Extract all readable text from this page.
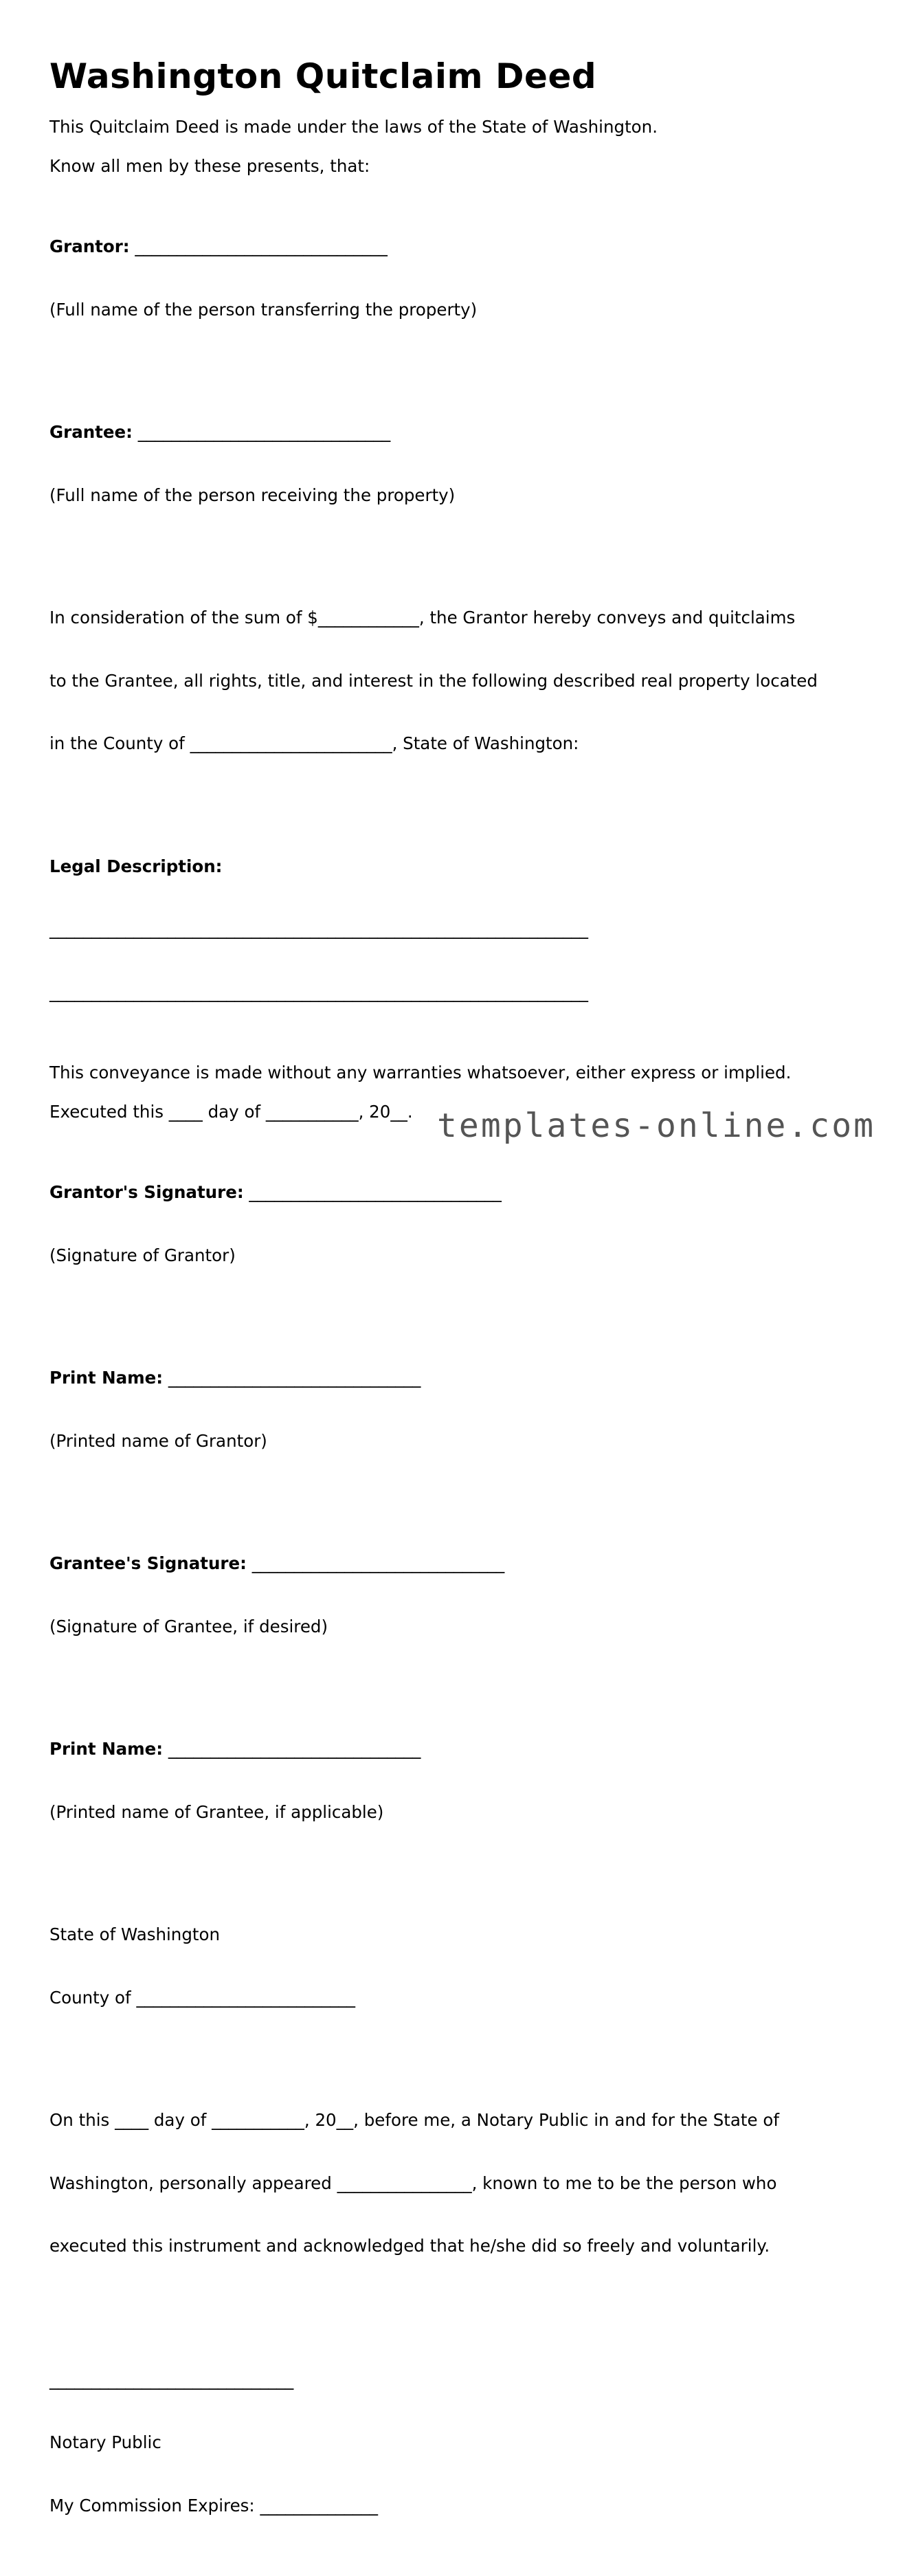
Washington Quitclaim Deed

This Quitclaim Deed is made under the laws of the State of Washington.

Know all men by these presents, that:

Grantor: ______________________________

(Full name of the person transferring the property)

Grantee: ______________________________

(Full name of the person receiving the property)

In consideration of the sum of $____________, the Grantor hereby conveys and quitclaims

to the Grantee, all rights, title, and interest in the following described real property located

in the County of ________________________, State of Washington:

Legal Description:

________________________________________________________________

________________________________________________________________

This conveyance is made without any warranties whatsoever, either express or implied.

Executed this ____ day of ___________, 20__.

Grantor's Signature: ______________________________

(Signature of Grantor)

Print Name: ______________________________

(Printed name of Grantor)

Grantee's Signature: ______________________________

(Signature of Grantee, if desired)

Print Name: ______________________________

(Printed name of Grantee, if applicable)

State of Washington

County of __________________________

On this ____ day of ___________, 20__, before me, a Notary Public in and for the State of

Washington, personally appeared ________________, known to me to be the person who

executed this instrument and acknowledged that he/she did so freely and voluntarily.

_____________________________

Notary Public

My Commission Expires: ______________

templates-online.com
